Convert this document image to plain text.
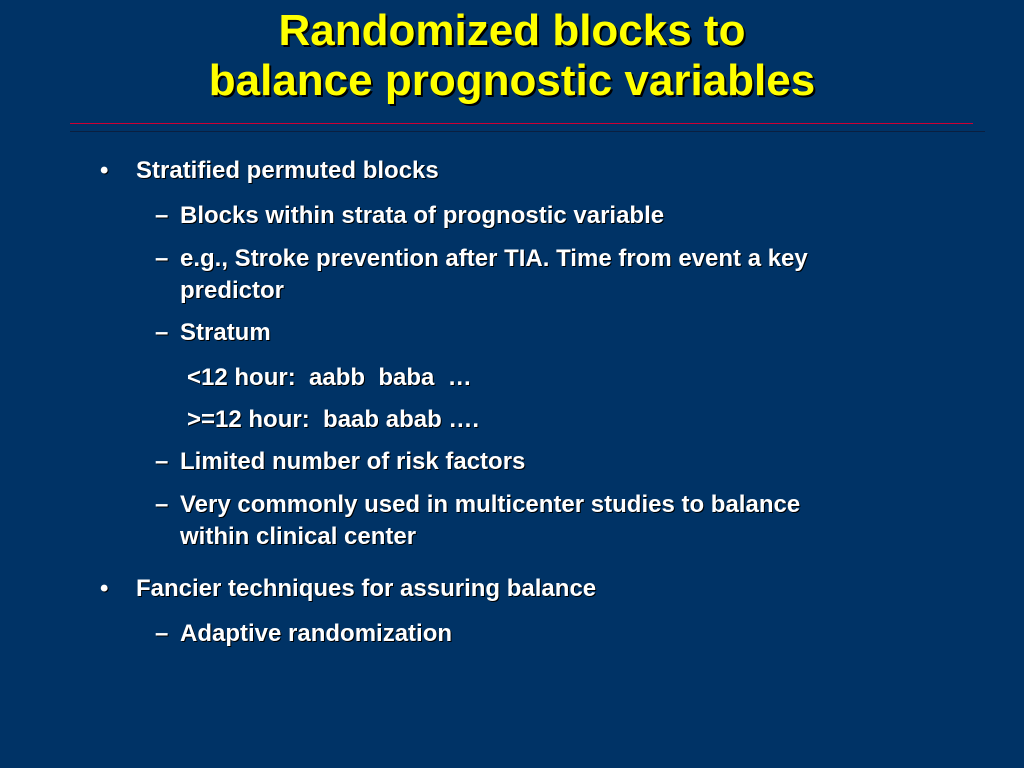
Randomized blocks to
balance prognostic variables
• Stratified permuted blocks
– Blocks within strata of prognostic variable
– e.g., Stroke prevention after TIA. Time from event a key predictor
– Stratum
<12 hour:  aabb  baba  …
>=12 hour:  baab abab ….
– Limited number of risk factors
– Very commonly used in multicenter studies to balance within clinical center
• Fancier techniques for assuring balance
– Adaptive randomization
